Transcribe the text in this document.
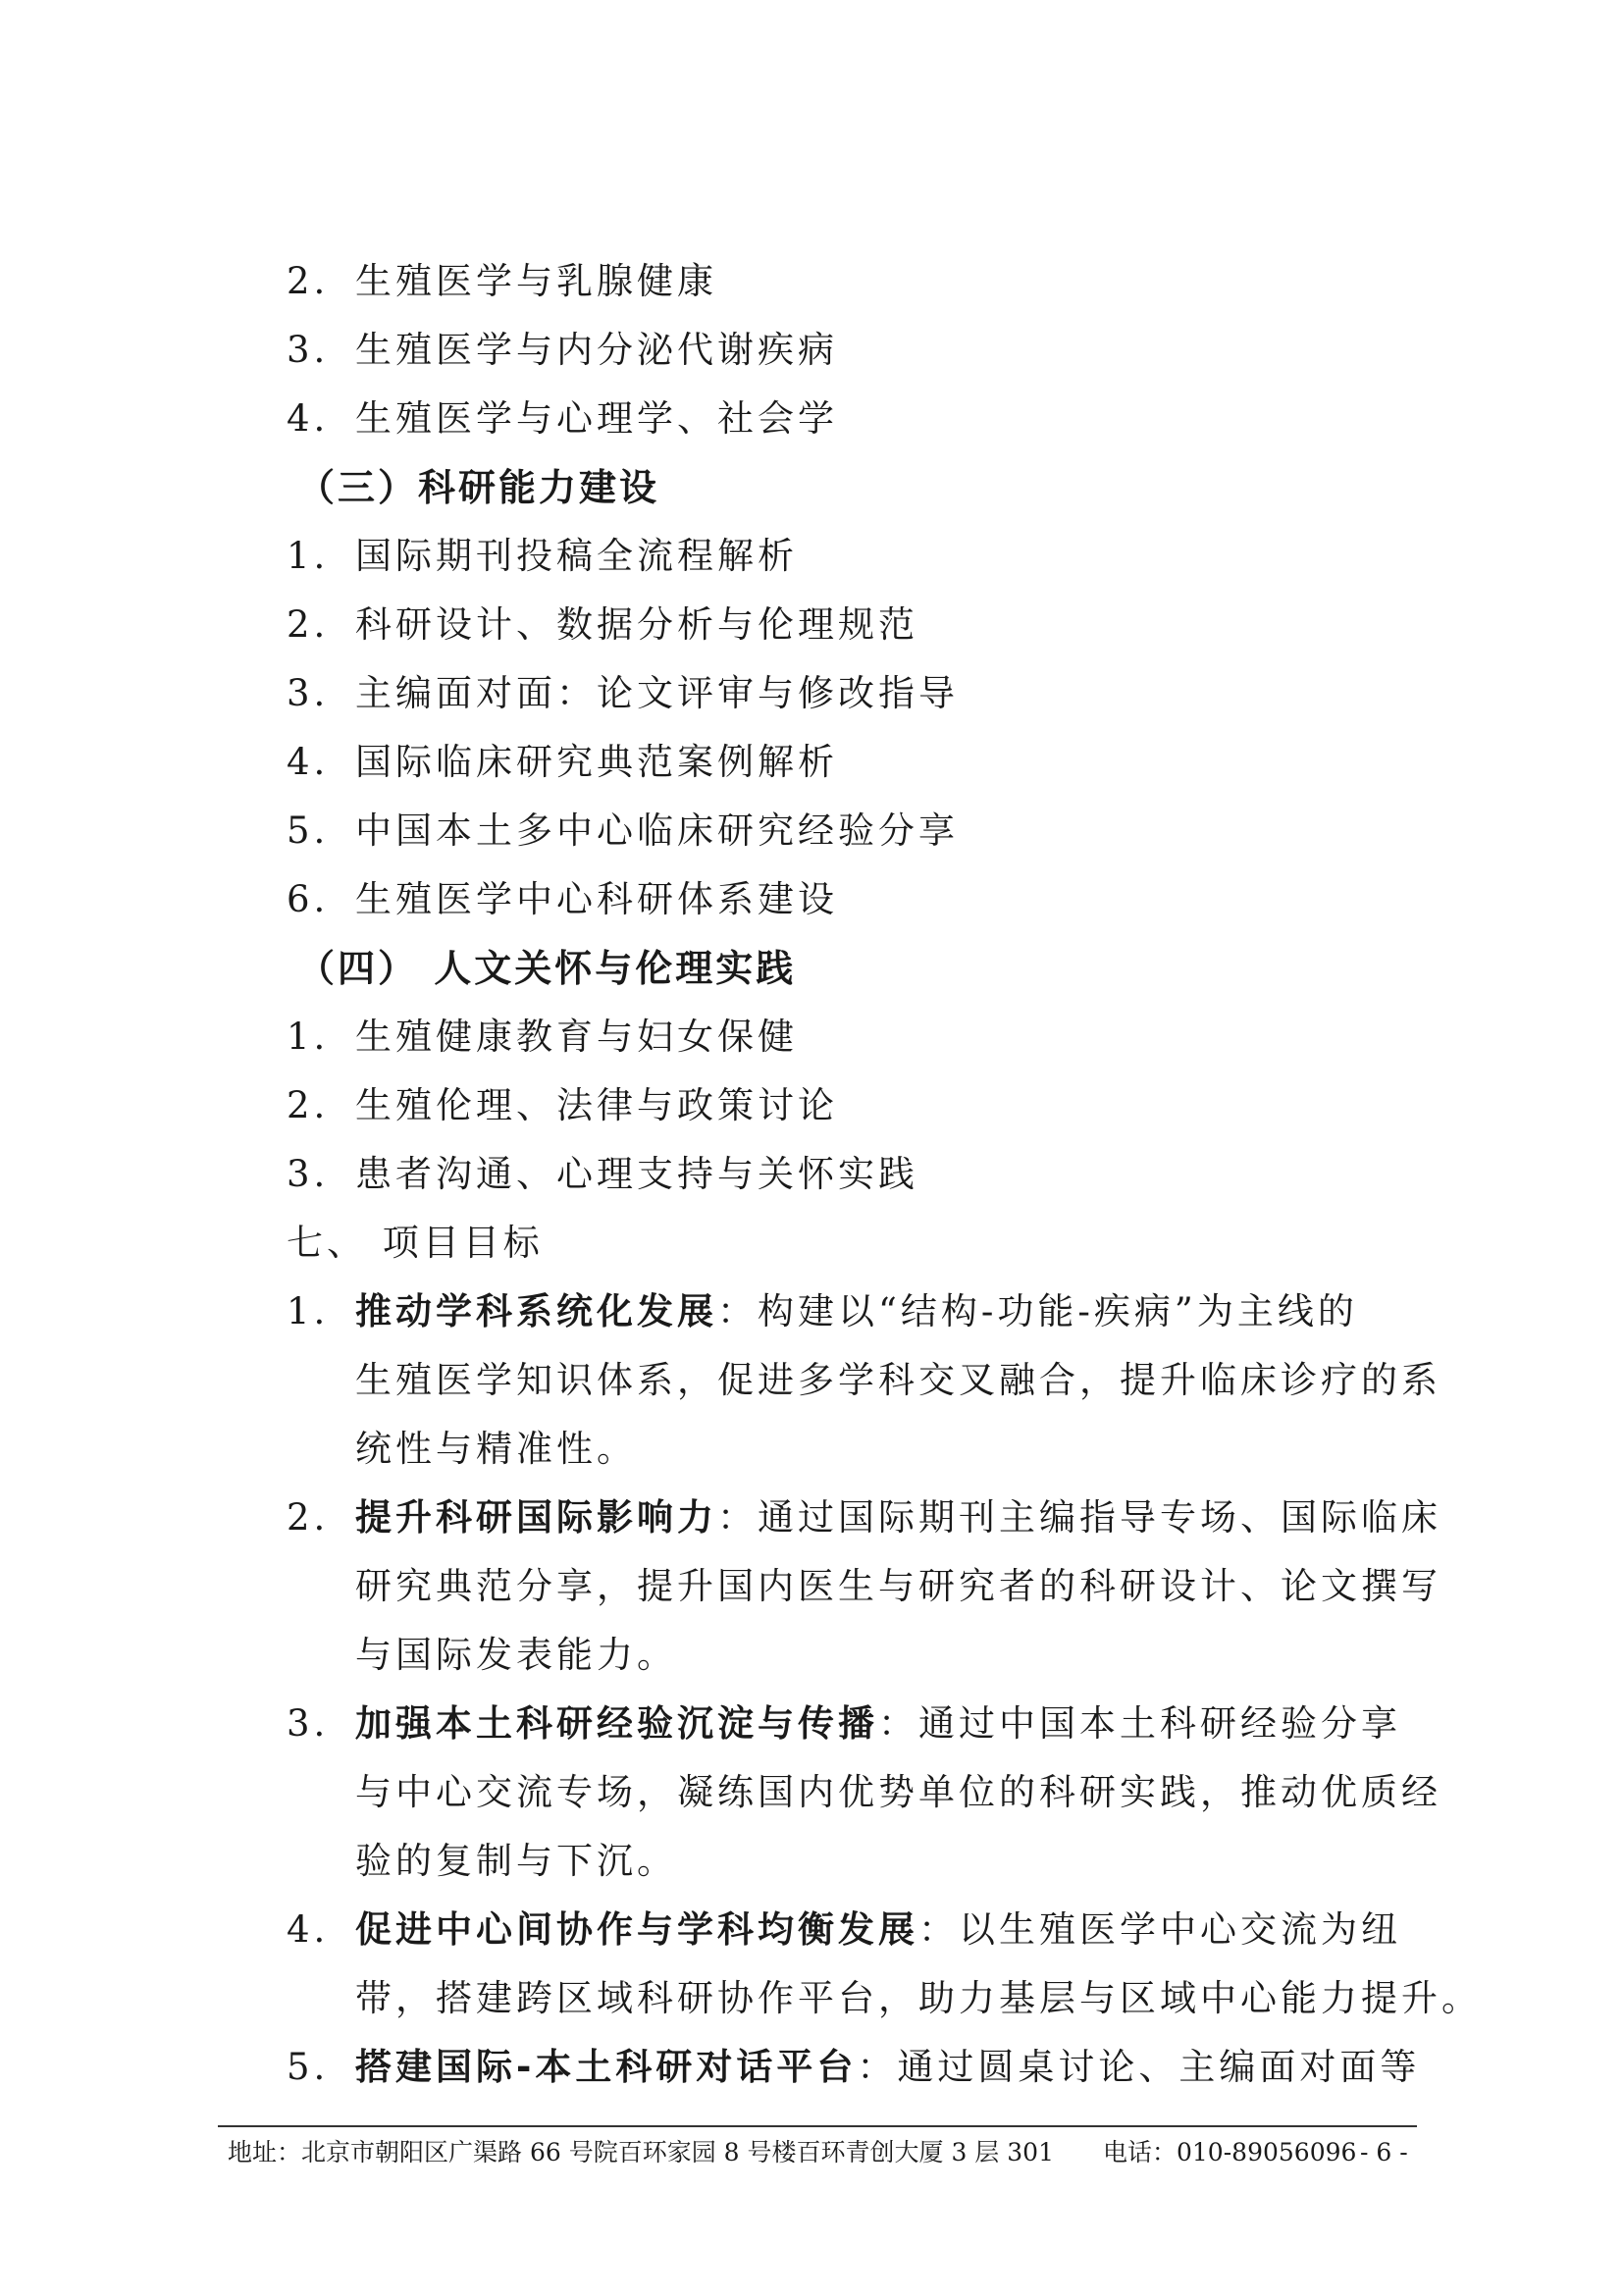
2. 生殖医学与乳腺健康
3. 生殖医学与内分泌代谢疾病
4. 生殖医学与心理学、社会学
（三）科研能力建设
1. 国际期刊投稿全流程解析
2. 科研设计、数据分析与伦理规范
3. 主编面对面：论文评审与修改指导
4. 国际临床研究典范案例解析
5. 中国本土多中心临床研究经验分享
6. 生殖医学中心科研体系建设
（四） 人文关怀与伦理实践
1. 生殖健康教育与妇女保健
2. 生殖伦理、法律与政策讨论
3. 患者沟通、心理支持与关怀实践
七、 项目目标
1. 推动学科系统化发展：构建以“结构-功能-疾病”为主线的
生殖医学知识体系，促进多学科交叉融合，提升临床诊疗的系
统性与精准性。
2. 提升科研国际影响力：通过国际期刊主编指导专场、国际临床
研究典范分享，提升国内医生与研究者的科研设计、论文撰写
与国际发表能力。
3. 加强本土科研经验沉淀与传播：通过中国本土科研经验分享
与中心交流专场，凝练国内优势单位的科研实践，推动优质经
验的复制与下沉。
4. 促进中心间协作与学科均衡发展：以生殖医学中心交流为纽
带，搭建跨区域科研协作平台，助力基层与区域中心能力提升。
5. 搭建国际-本土科研对话平台：通过圆桌讨论、主编面对面等
地址：北京市朝阳区广渠路 66 号院百环家园 8 号楼百环青创大厦 3 层 301 电话：010-89056096 - 6 -
